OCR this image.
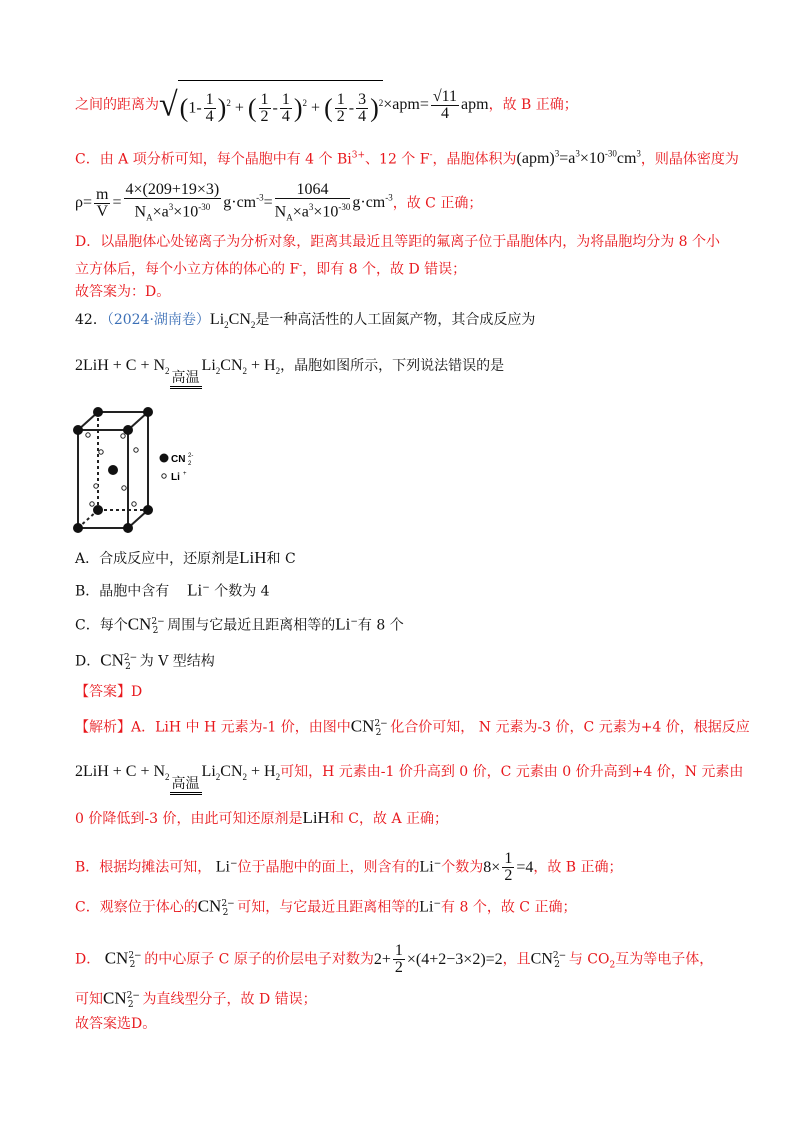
之间的距离为$√(1- \frac{1}{4} )^2$ + ( $\frac{1}{2} - \frac{1}{4} )^2$ + ( $\frac{1}{2} - \frac{3}{4} )^2\times apm= \frac{√11}{4}$ apm，故 B 正确；
C．由 A 项分析可知，每个晶胞中有 4 个 $Bi^{3+}$、12 个 F-，晶胞体积为$(apm)^3=a^3\times 10^{-30}cm^3$，则晶体密度为
$\rho= \frac{m}{V} = \frac{4\times(209+19\times 3)}{N_A\times a^3\times 10^{-30}} g\cdot cm^{-3}= \frac{1064}{N_A\times a^3\times 10^{-30}} g\cdot cm^{-3}$，故 C 正确；
D．以晶胞体心处铋离子为分析对象，距离其最近且等距的氟离子位于晶胞体内，为将晶胞均分为 8 个小
立方体后，每个小立方体的体心的 F-，即有 8 个，故 D 错误；
故答案为：D。
42．（2024·湖南卷）$Li_2CN_2$是一种高活性的人工固氮产物，其合成反应为
$2LiH + C + N_2$ 高温
$Li_2CN_2 + H_2$，晶胞如图所示，下列说法错误的是
CN 2-
2
Li +
A．合成反应中，还原剂是LiH和 C
B．晶胞中含有 Li− 个数为 4
C．每个$CN^{2-}_2$ 周围与它最近且距离相等的Li−有 8 个
D．$CN^{2-}_2$ 为 V 型结构
【答案】D
【解析】A．LiH 中 H 元素为-1 价，由图中$CN^{2-}_2$ 化合价可知， N 元素为-3 价，C 元素为+4 价，根据反应
$2LiH + C + N_2$ 高温
$Li_2CN_2 + H_2$可知，H 元素由-1 价升高到 0 价，C 元素由 0 价升高到+4 价，N 元素由
0 价降低到-3 价，由此可知还原剂是LiH和 C，故 A 正确；
B．根据均摊法可知， Li−位于晶胞中的面上，则含有的Li−个数为$8\times \frac{1}{2} =4$，故 B 正确；
C．观察位于体心的$CN^{2-}_2$ 可知，与它最近且距离相等的Li−有 8 个，故 C 正确；
D． $CN^{2-}_2$ 的中心原子 C 原子的价层电子对数为$2+ \frac{1}{2} \times(4+2-3\times 2)=2$，且$CN^{2-}_2$ 与 $CO_2$互为等电子体，
可知$CN^{2-}_2$ 为直线型分子，故 D 错误；
故答案选D。
